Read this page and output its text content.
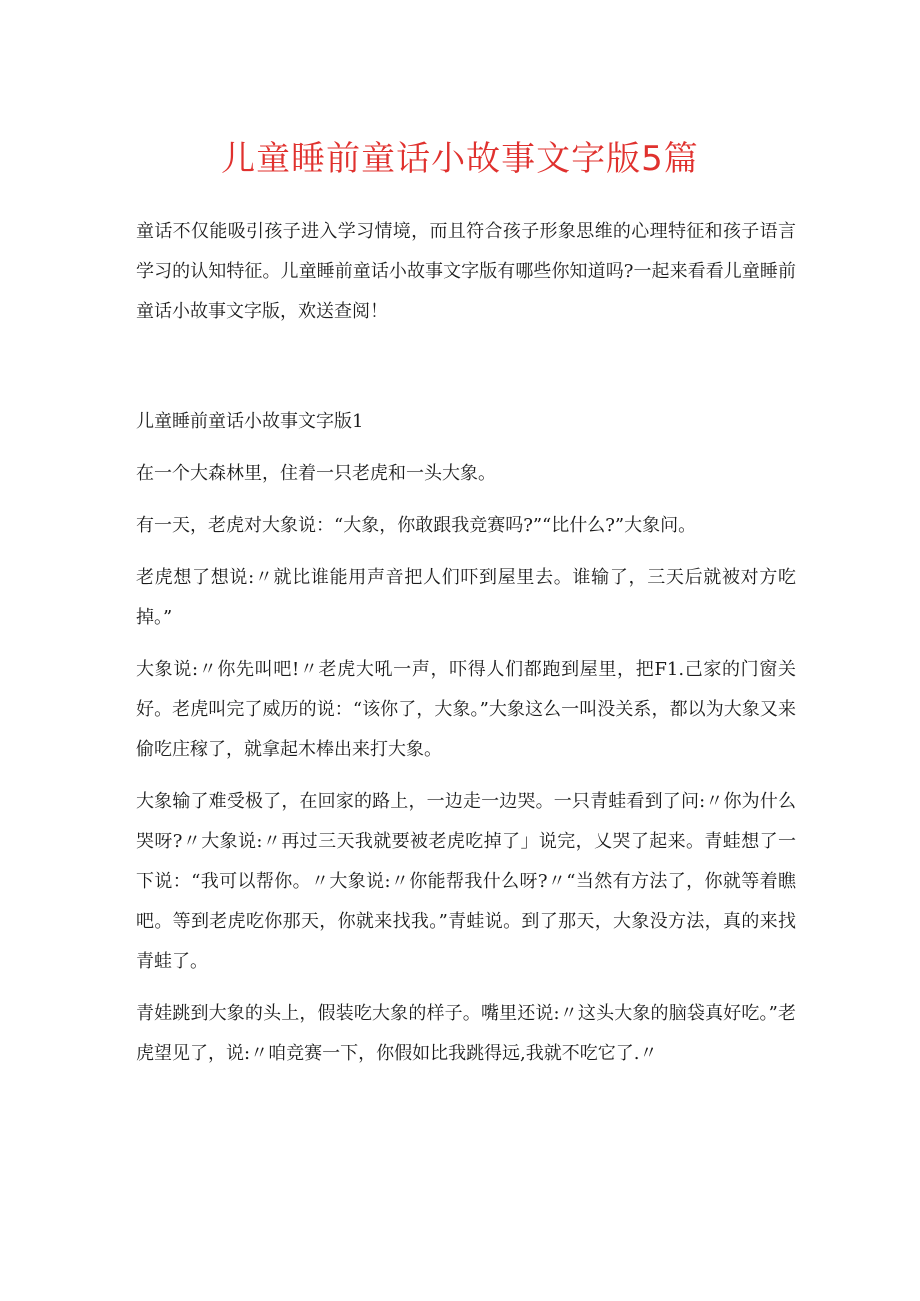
儿童睡前童话小故事文字版5篇

童话不仅能吸引孩子进入学习情境，而且符合孩子形象思维的心理特征和孩子语言学习的认知特征。儿童睡前童话小故事文字版有哪些你知道吗?一起来看看儿童睡前童话小故事文字版，欢送查阅！

儿童睡前童话小故事文字版1

在一个大森林里，住着一只老虎和一头大象。

有一天，老虎对大象说：“大象，你敢跟我竞赛吗?”“比什么?”大象问。

老虎想了想说:〃就比谁能用声音把人们吓到屋里去。谁输了，三天后就被对方吃掉。”

大象说:〃你先叫吧!〃老虎大吼一声，吓得人们都跑到屋里，把F1.己家的门窗关好。老虎叫完了威历的说：“该你了，大象。”大象这么一叫没关系，都以为大象又来偷吃庄稼了，就拿起木棒出来打大象。

大象输了难受极了，在回家的路上，一边走一边哭。一只青蛙看到了问:〃你为什么哭呀?〃大象说:〃再过三天我就要被老虎吃掉了」说完，乂哭了起来。青蛙想了一下说：“我可以帮你。〃大象说:〃你能帮我什么呀?〃“当然有方法了，你就等着瞧吧。等到老虎吃你那天，你就来找我。”青蛙说。到了那天，大象没方法，真的来找青蛙了。

青娃跳到大象的头上，假装吃大象的样子。嘴里还说:〃这头大象的脑袋真好吃。”老虎望见了，说:〃咱竞赛一下，你假如比我跳得远,我就不吃它了.〃
